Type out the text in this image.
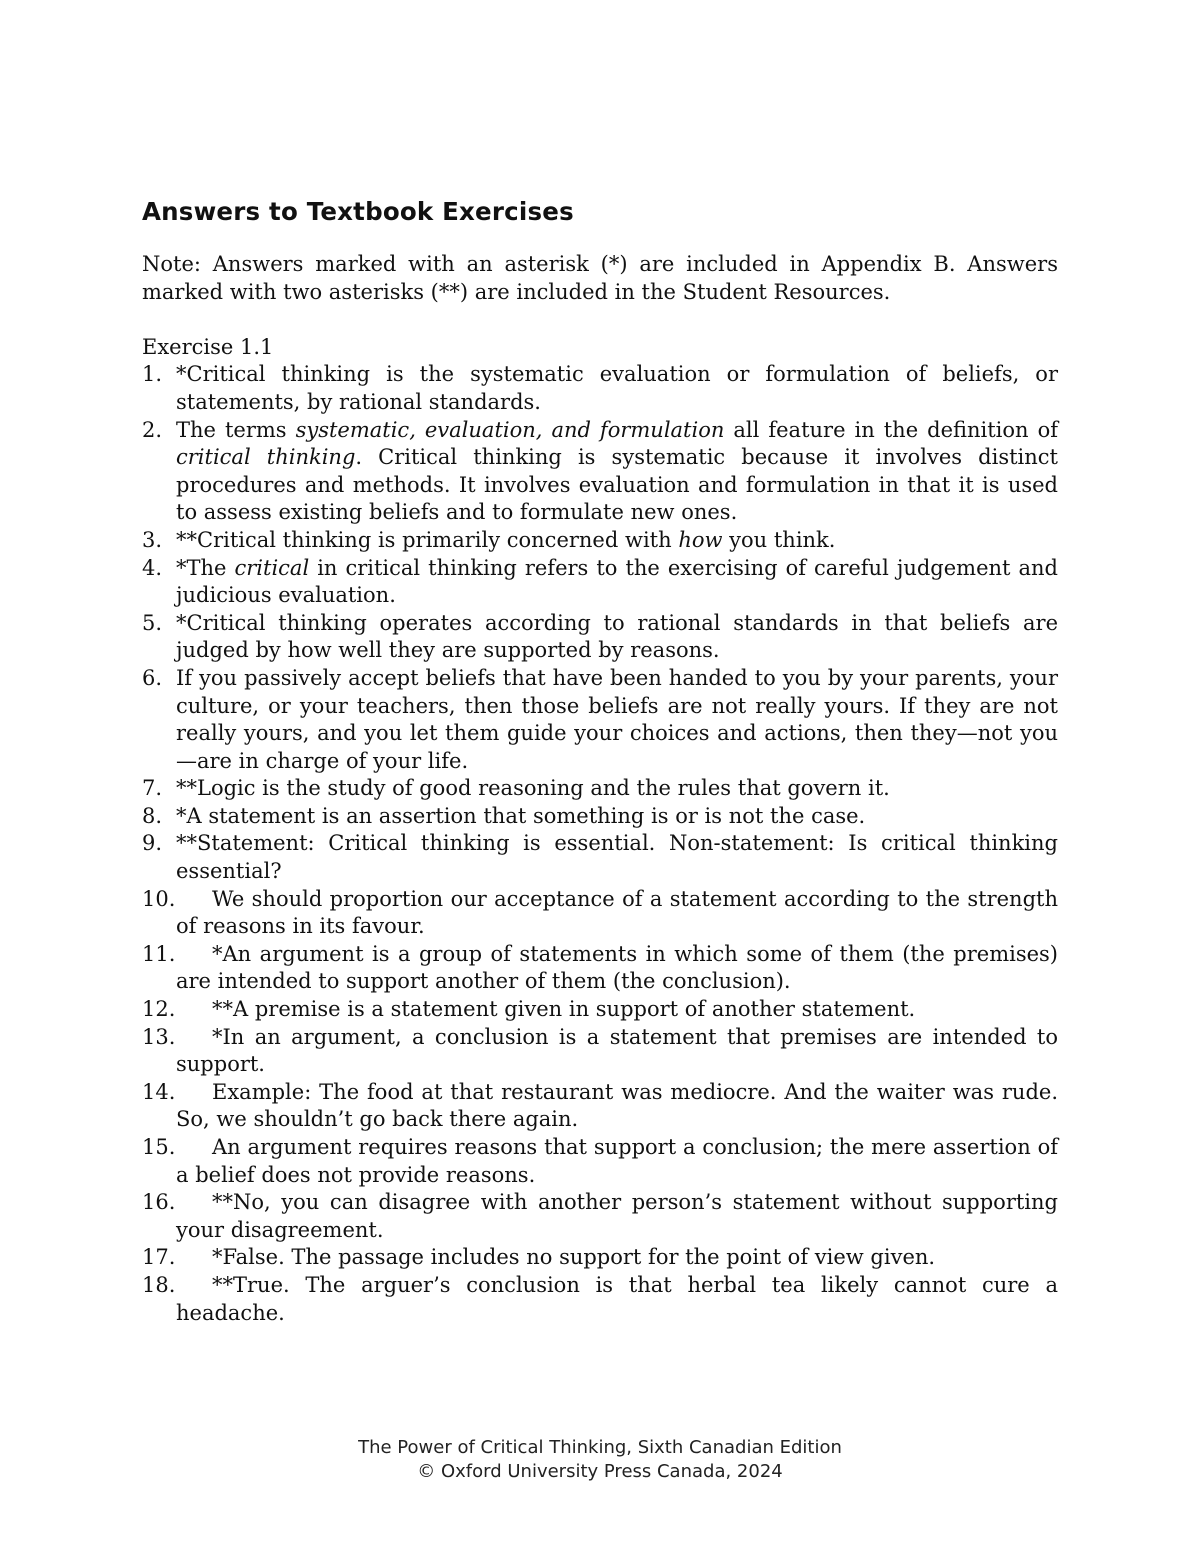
Answers to Textbook Exercises

Note: Answers marked with an asterisk (*) are included in Appendix B. Answers marked with two asterisks (**) are included in the Student Resources.

Exercise 1.1

1. *Critical thinking is the systematic evaluation or formulation of beliefs, or statements, by rational standards.
2. The terms systematic, evaluation, and formulation all feature in the definition of critical thinking. Critical thinking is systematic because it involves distinct procedures and methods. It involves evaluation and formulation in that it is used to assess existing beliefs and to formulate new ones.
3. **Critical thinking is primarily concerned with how you think.
4. *The critical in critical thinking refers to the exercising of careful judgement and judicious evaluation.
5. *Critical thinking operates according to rational standards in that beliefs are judged by how well they are supported by reasons.
6. If you passively accept beliefs that have been handed to you by your parents, your culture, or your teachers, then those beliefs are not really yours. If they are not really yours, and you let them guide your choices and actions, then they—not you—are in charge of your life.
7. **Logic is the study of good reasoning and the rules that govern it.
8. *A statement is an assertion that something is or is not the case.
9. **Statement: Critical thinking is essential. Non-statement: Is critical thinking essential?
10.	We should proportion our acceptance of a statement according to the strength of reasons in its favour.
11.	*An argument is a group of statements in which some of them (the premises) are intended to support another of them (the conclusion).
12.	**A premise is a statement given in support of another statement.
13.	*In an argument, a conclusion is a statement that premises are intended to support.
14.	Example: The food at that restaurant was mediocre. And the waiter was rude. So, we shouldn’t go back there again.
15.	An argument requires reasons that support a conclusion; the mere assertion of a belief does not provide reasons.
16.	**No, you can disagree with another person’s statement without supporting your disagreement.
17.	*False. The passage includes no support for the point of view given.
18.	**True. The arguer’s conclusion is that herbal tea likely cannot cure a headache.
The Power of Critical Thinking, Sixth Canadian Edition
© Oxford University Press Canada, 2024
